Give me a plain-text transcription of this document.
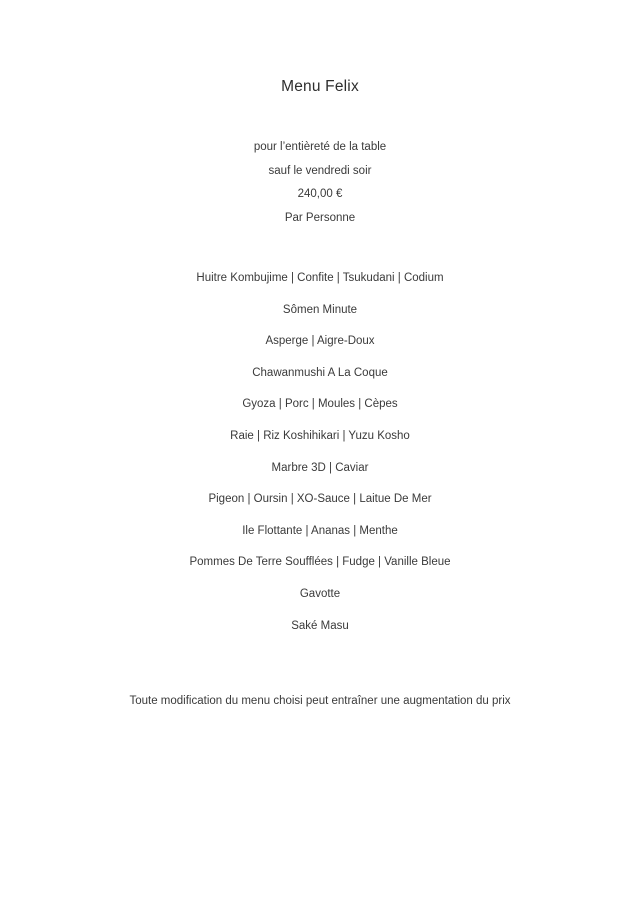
Menu Felix
pour l’entièreté de la table
sauf le vendredi soir
240,00 €
Par Personne
Huitre Kombujime | Confite | Tsukudani | Codium
Sômen Minute
Asperge | Aigre-Doux
Chawanmushi A La Coque
Gyoza | Porc | Moules | Cèpes
Raie | Riz Koshihikari | Yuzu Kosho
Marbre 3D | Caviar
Pigeon | Oursin | XO-Sauce | Laitue De Mer
Ile Flottante | Ananas | Menthe
Pommes De Terre Soufflées | Fudge | Vanille Bleue
Gavotte
Saké Masu
Toute modification du menu choisi peut entraîner une augmentation du prix
